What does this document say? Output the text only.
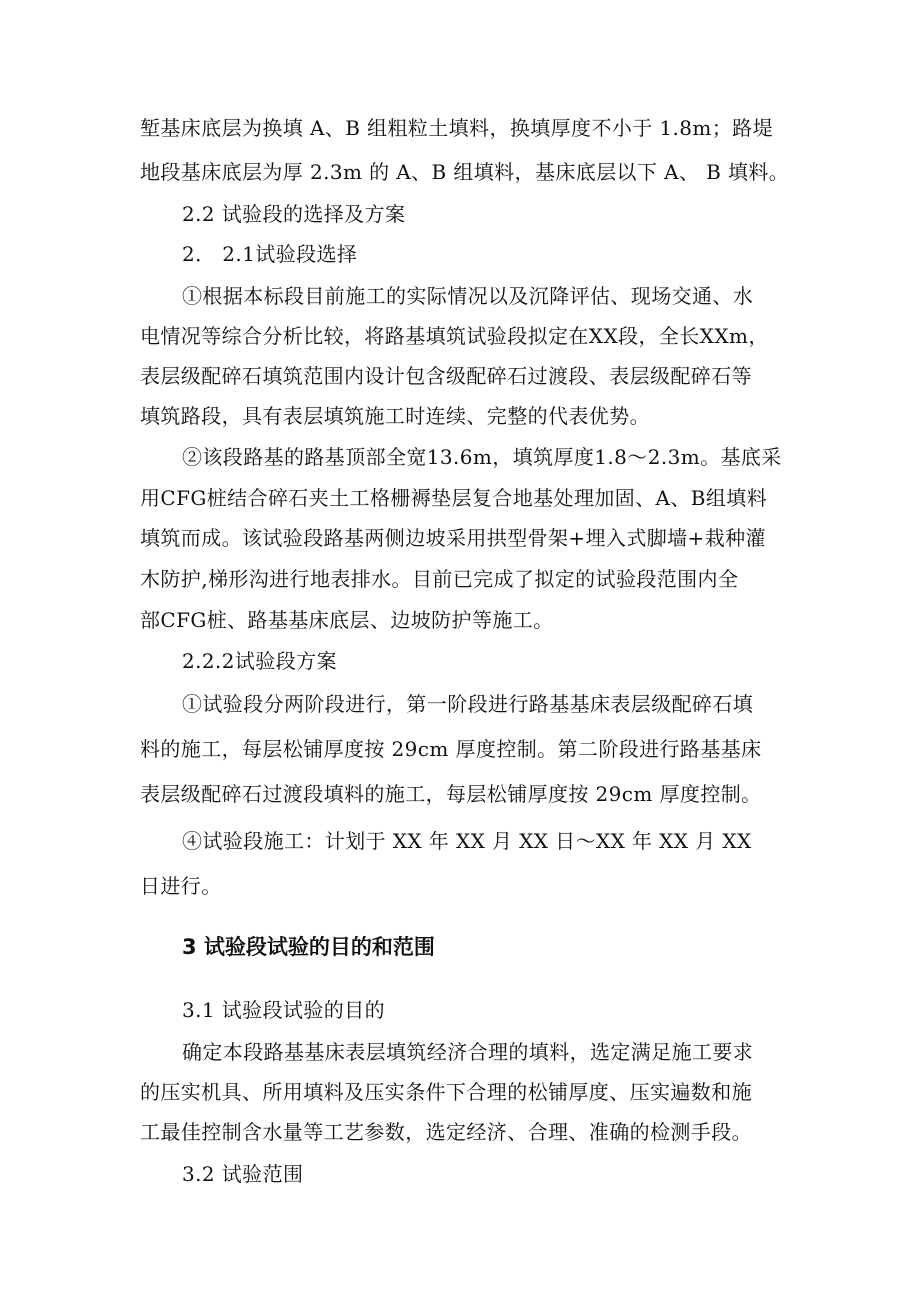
堑基床底层为换填 A、B 组粗粒土填料，换填厚度不小于 1.8m；路堤
地段基床底层为厚 2.3m 的 A、B 组填料，基床底层以下 A、 B 填料。
2.2 试验段的选择及方案
2． 2.1试验段选择
①根据本标段目前施工的实际情况以及沉降评估、现场交通、水
电情况等综合分析比较，将路基填筑试验段拟定在XX段，全长XXm，
表层级配碎石填筑范围内设计包含级配碎石过渡段、表层级配碎石等
填筑路段，具有表层填筑施工时连续、完整的代表优势。
②该段路基的路基顶部全宽13.6m，填筑厚度1.8～2.3m。基底采
用CFG桩结合碎石夹土工格栅褥垫层复合地基处理加固、A、B组填料
填筑而成。该试验段路基两侧边坡采用拱型骨架+埋入式脚墙+栽种灌
木防护,梯形沟进行地表排水。目前已完成了拟定的试验段范围内全
部CFG桩、路基基床底层、边坡防护等施工。
2.2.2试验段方案
①试验段分两阶段进行，第一阶段进行路基基床表层级配碎石填
料的施工，每层松铺厚度按 29cm 厚度控制。第二阶段进行路基基床
表层级配碎石过渡段填料的施工，每层松铺厚度按 29cm 厚度控制。
④试验段施工：计划于 XX 年 XX 月 XX 日～XX 年 XX 月 XX
日进行。
3 试验段试验的目的和范围
3.1 试验段试验的目的
确定本段路基基床表层填筑经济合理的填料，选定满足施工要求
的压实机具、所用填料及压实条件下合理的松铺厚度、压实遍数和施
工最佳控制含水量等工艺参数，选定经济、合理、准确的检测手段。
3.2 试验范围
